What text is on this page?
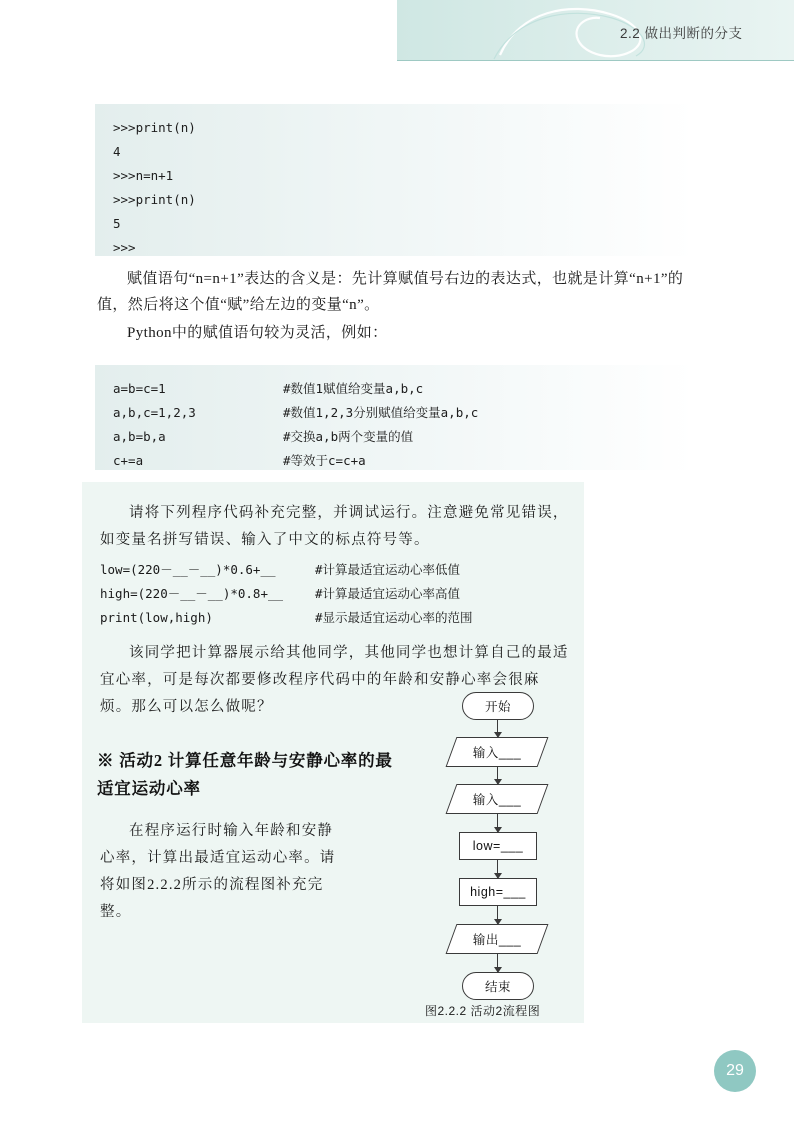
2.2 做出判断的分支
>>>print(n)
4
>>>n=n+1
>>>print(n)
5
>>>
赋值语句“n=n+1”表达的含义是：先计算赋值号右边的表达式，也就是计算“n+1”的值，然后将这个值“赋”给左边的变量“n”。
Python中的赋值语句较为灵活，例如：
a=b=c=1	#数值1赋值给变量a,b,c
a,b,c=1,2,3	#数值1,2,3分别赋值给变量a,b,c
a,b=b,a	#交换a,b两个变量的值
c+=a	#等效于c=c+a
请将下列程序代码补充完整，并调试运行。注意避免常见错误，如变量名拼写错误、输入了中文的标点符号等。
low=(220－__－__)*0.6+__	#计算最适宜运动心率低值
high=(220－__－__)*0.8+__	#计算最适宜运动心率高值
print(low,high)	#显示最适宜运动心率的范围
该同学把计算器展示给其他同学，其他同学也想计算自己的最适宜心率，可是每次都要修改程序代码中的年龄和安静心率会很麻烦。那么可以怎么做呢？
※ 活动2 计算任意年龄与安静心率的最适宜运动心率
在程序运行时输入年龄和安静心率，计算出最适宜运动心率。请将如图2.2.2所示的流程图补充完整。
开始
输入___
输入___
low=___
high=___
输出___
结束
图2.2.2 活动2流程图
29
